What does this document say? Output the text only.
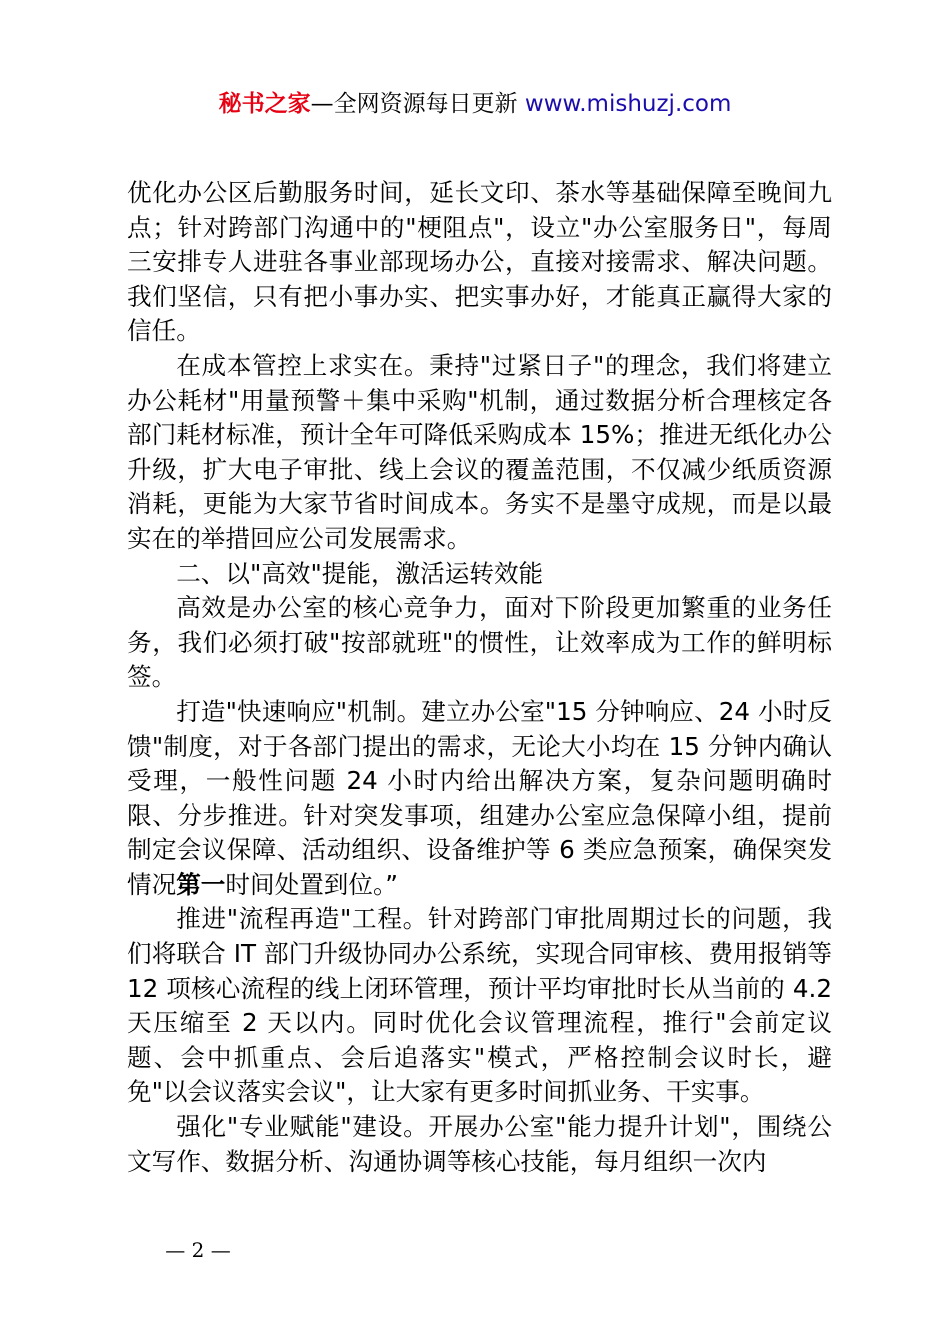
秘书之家—全网资源每日更新 www.mishuzj.com

优化办公区后勤服务时间，延长文印、茶水等基础保障至晚间九点；针对跨部门沟通中的"梗阻点"，设立"办公室服务日"，每周三安排专人进驻各事业部现场办公，直接对接需求、解决问题。我们坚信，只有把小事办实、把实事办好，才能真正赢得大家的信任。

在成本管控上求实在。秉持"过紧日子"的理念，我们将建立办公耗材"用量预警＋集中采购"机制，通过数据分析合理核定各部门耗材标准，预计全年可降低采购成本 15%；推进无纸化办公升级，扩大电子审批、线上会议的覆盖范围，不仅减少纸质资源消耗，更能为大家节省时间成本。务实不是墨守成规，而是以最实在的举措回应公司发展需求。

二、以"高效"提能，激活运转效能

高效是办公室的核心竞争力，面对下阶段更加繁重的业务任务，我们必须打破"按部就班"的惯性，让效率成为工作的鲜明标签。

打造"快速响应"机制。建立办公室"15 分钟响应、24 小时反馈"制度，对于各部门提出的需求，无论大小均在 15 分钟内确认受理，一般性问题 24 小时内给出解决方案，复杂问题明确时限、分步推进。针对突发事项，组建办公室应急保障小组，提前制定会议保障、活动组织、设备维护等 6 类应急预案，确保突发情况第一时间处置到位。”

推进"流程再造"工程。针对跨部门审批周期过长的问题，我们将联合 IT 部门升级协同办公系统，实现合同审核、费用报销等 12 项核心流程的线上闭环管理，预计平均审批时长从当前的 4.2 天压缩至 2 天以内。同时优化会议管理流程，推行"会前定议题、会中抓重点、会后追落实"模式，严格控制会议时长，避免"以会议落实会议"，让大家有更多时间抓业务、干实事。

强化"专业赋能"建设。开展办公室"能力提升计划"，围绕公文写作、数据分析、沟通协调等核心技能，每月组织一次内

— 2 —
